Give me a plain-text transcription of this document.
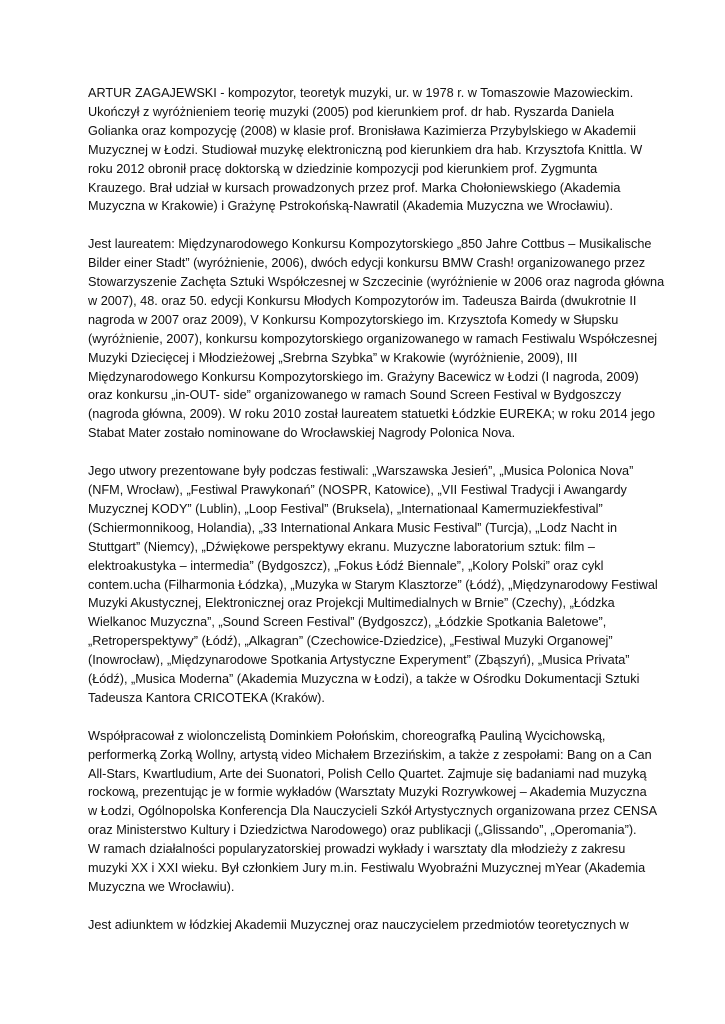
ARTUR ZAGAJEWSKI - kompozytor, teoretyk muzyki, ur. w 1978 r. w Tomaszowie Mazowieckim.
Ukończył z wyróżnieniem teorię muzyki (2005) pod kierunkiem prof. dr hab. Ryszarda Daniela
Golianka oraz kompozycję (2008) w klasie prof. Bronisława Kazimierza Przybylskiego w Akademii
Muzycznej w Łodzi. Studiował muzykę elektroniczną pod kierunkiem dra hab. Krzysztofa Knittla. W
roku 2012 obronił pracę doktorską w dziedzinie kompozycji pod kierunkiem prof. Zygmunta
Krauzego. Brał udział w kursach prowadzonych przez prof. Marka Chołoniewskiego (Akademia
Muzyczna w Krakowie) i Grażynę Pstrokońską-Nawratil (Akademia Muzyczna we Wrocławiu).

Jest laureatem: Międzynarodowego Konkursu Kompozytorskiego „850 Jahre Cottbus – Musikalische
Bilder einer Stadt” (wyróżnienie, 2006), dwóch edycji konkursu BMW Crash! organizowanego przez
Stowarzyszenie Zachęta Sztuki Współczesnej w Szczecinie (wyróżnienie w 2006 oraz nagroda główna
w 2007), 48. oraz 50. edycji Konkursu Młodych Kompozytorów im. Tadeusza Bairda (dwukrotnie II
nagroda w 2007 oraz 2009), V Konkursu Kompozytorskiego im. Krzysztofa Komedy w Słupsku
(wyróżnienie, 2007), konkursu kompozytorskiego organizowanego w ramach Festiwalu Współczesnej
Muzyki Dziecięcej i Młodzieżowej „Srebrna Szybka” w Krakowie (wyróżnienie, 2009), III
Międzynarodowego Konkursu Kompozytorskiego im. Grażyny Bacewicz w Łodzi (I nagroda, 2009)
oraz konkursu „in-OUT- side” organizowanego w ramach Sound Screen Festival w Bydgoszczy
(nagroda główna, 2009). W roku 2010 został laureatem statuetki Łódzkie EUREKA; w roku 2014 jego
Stabat Mater zostało nominowane do Wrocławskiej Nagrody Polonica Nova.

Jego utwory prezentowane były podczas festiwali: „Warszawska Jesień”, „Musica Polonica Nova”
(NFM, Wrocław), „Festiwal Prawykonań” (NOSPR, Katowice), „VII Festiwal Tradycji i Awangardy
Muzycznej KODY” (Lublin), „Loop Festival” (Bruksela), „Internationaal Kamermuziekfestival”
(Schiermonnikoog, Holandia), „33 International Ankara Music Festival” (Turcja), „Lodz Nacht in
Stuttgart” (Niemcy), „Dźwiękowe perspektywy ekranu. Muzyczne laboratorium sztuk: film –
elektroakustyka – intermedia” (Bydgoszcz), „Fokus Łódź Biennale”, „Kolory Polski” oraz cykl
contem.ucha (Filharmonia Łódzka), „Muzyka w Starym Klasztorze” (Łódź), „Międzynarodowy Festiwal
Muzyki Akustycznej, Elektronicznej oraz Projekcji Multimedialnych w Brnie” (Czechy), „Łódzka
Wielkanoc Muzyczna”, „Sound Screen Festival” (Bydgoszcz), „Łódzkie Spotkania Baletowe”,
„Retroperspektywy” (Łódź), „Alkagran” (Czechowice-Dziedzice), „Festiwal Muzyki Organowej”
(Inowrocław), „Międzynarodowe Spotkania Artystyczne Experyment” (Zbąszyń), „Musica Privata”
(Łódź), „Musica Moderna” (Akademia Muzyczna w Łodzi), a także w Ośrodku Dokumentacji Sztuki
Tadeusza Kantora CRICOTEKA (Kraków).

Współpracował z wiolonczelistą Dominkiem Połońskim, choreografką Pauliną Wycichowską,
performerką Zorką Wollny, artystą video Michałem Brzezińskim, a także z zespołami: Bang on a Can
All-Stars, Kwartludium, Arte dei Suonatori, Polish Cello Quartet. Zajmuje się badaniami nad muzyką
rockową, prezentując je w formie wykładów (Warsztaty Muzyki Rozrywkowej – Akademia Muzyczna
w Łodzi, Ogólnopolska Konferencja Dla Nauczycieli Szkół Artystycznych organizowana przez CENSA
oraz Ministerstwo Kultury i Dziedzictwa Narodowego) oraz publikacji („Glissando”, „Operomania”).
W ramach działalności popularyzatorskiej prowadzi wykłady i warsztaty dla młodzieży z zakresu
muzyki XX i XXI wieku. Był członkiem Jury m.in. Festiwalu Wyobraźni Muzycznej mYear (Akademia
Muzyczna we Wrocławiu).

Jest adiunktem w łódzkiej Akademii Muzycznej oraz nauczycielem przedmiotów teoretycznych w
